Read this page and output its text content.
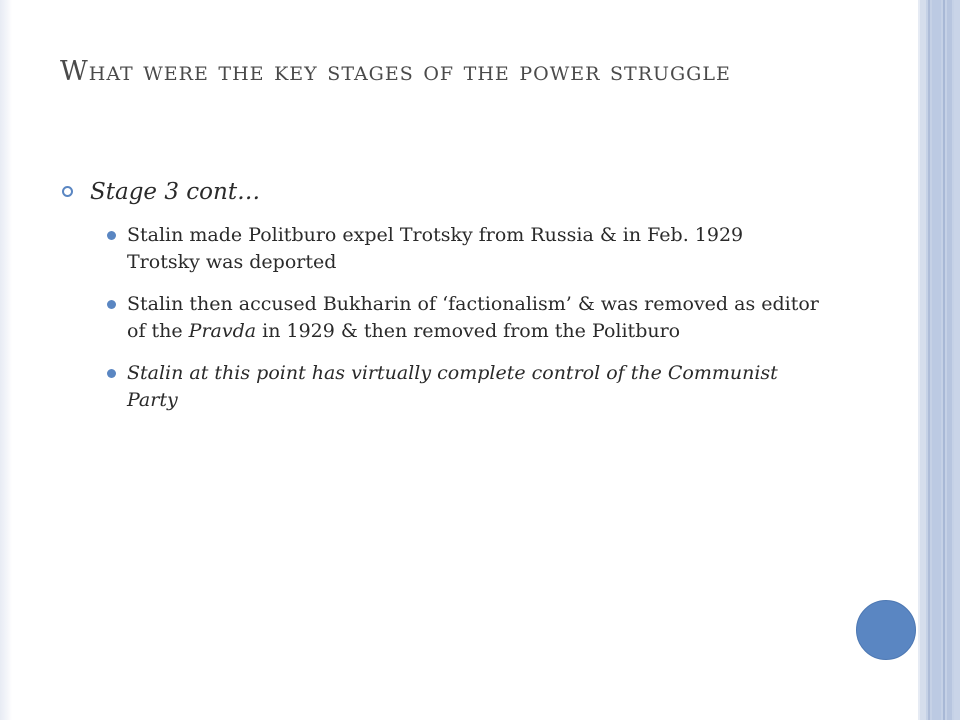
What were the key stages of the power struggle
Stage 3 cont…
Stalin made Politburo expel Trotsky from Russia & in Feb. 1929 Trotsky was deported
Stalin then accused Bukharin of ‘factionalism’ & was removed as editor of the Pravda in 1929 & then removed from the Politburo
Stalin at this point has virtually complete control of the Communist Party
